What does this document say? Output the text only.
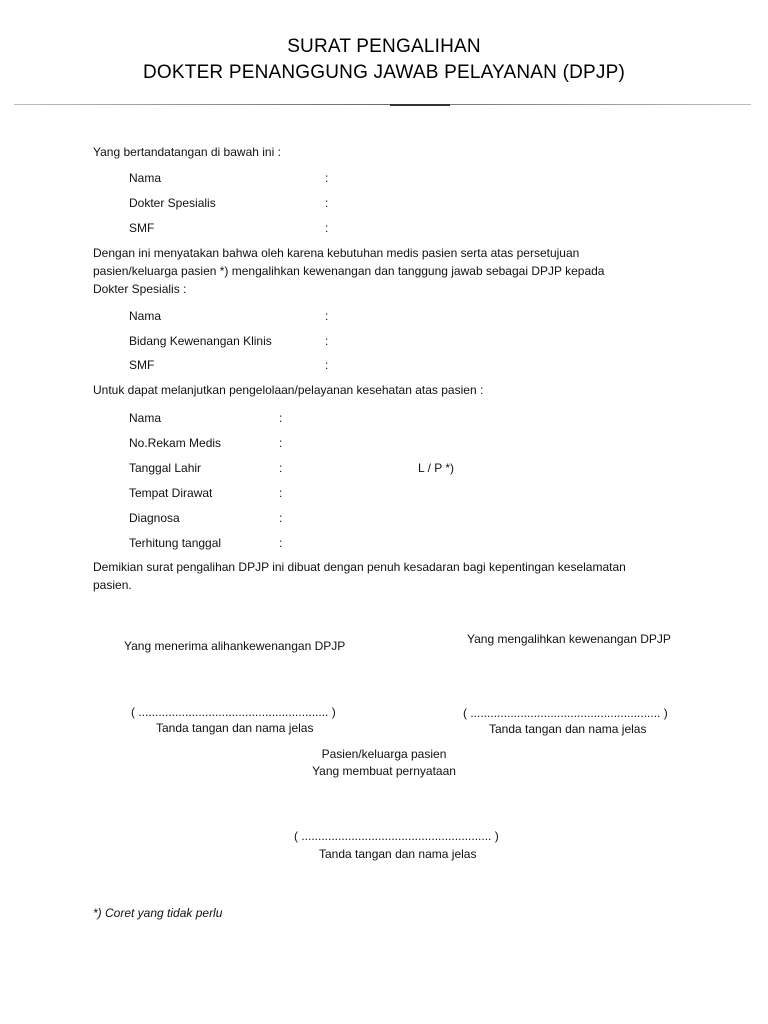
SURAT PENGALIHAN
DOKTER PENANGGUNG JAWAB PELAYANAN (DPJP)
Yang bertandatangan di bawah ini :
Nama	:
Dokter Spesialis	:
SMF	:
Dengan ini menyatakan bahwa oleh karena kebutuhan medis pasien serta atas persetujuan
pasien/keluarga pasien *) mengalihkan kewenangan dan tanggung jawab sebagai DPJP kepada
Dokter Spesialis :
Nama	:
Bidang Kewenangan Klinis	:
SMF	:
Untuk dapat melanjutkan pengelolaan/pelayanan kesehatan atas pasien :
Nama	:
No.Rekam Medis	:
Tanggal Lahir	:	L / P *)
Tempat Dirawat	:
Diagnosa	:
Terhitung tanggal	:
Demikian surat pengalihan DPJP ini dibuat dengan penuh kesadaran bagi kepentingan keselamatan
pasien.
Yang menerima alihankewenangan DPJP	Yang mengalihkan kewenangan DPJP
( ......................................................... )	( ......................................................... )
Tanda tangan dan nama jelas	Tanda tangan dan nama jelas
Pasien/keluarga pasien
Yang membuat pernyataan
( ......................................................... )
Tanda tangan dan nama jelas
*) Coret yang tidak perlu
